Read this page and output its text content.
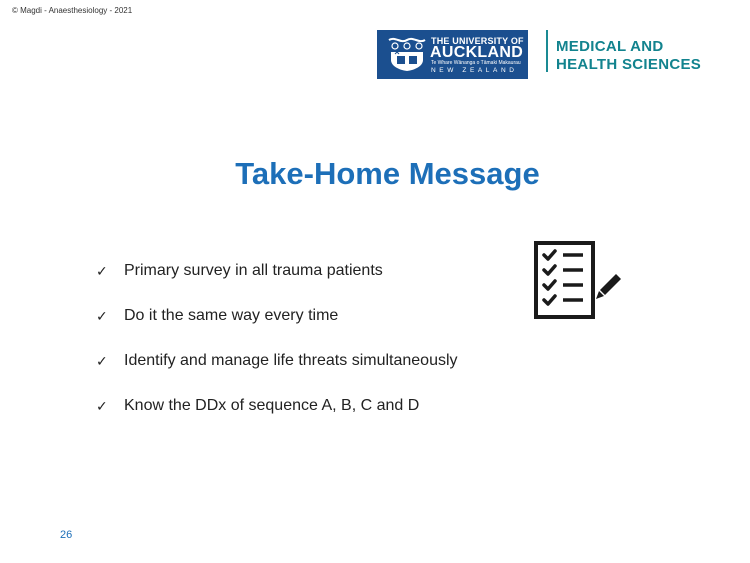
© Magdi - Anaesthesiology - 2021
THE UNIVERSITY OF
AUCKLAND
Te Whare Wānanga o Tāmaki Makaurau
NEW ZEALAND
MEDICAL AND
HEALTH SCIENCES
Take-Home Message
✓	Primary survey in all trauma patients
✓	Do it the same way every time
✓	Identify and manage life threats simultaneously
✓	Know the DDx of sequence A, B, C and D
26
